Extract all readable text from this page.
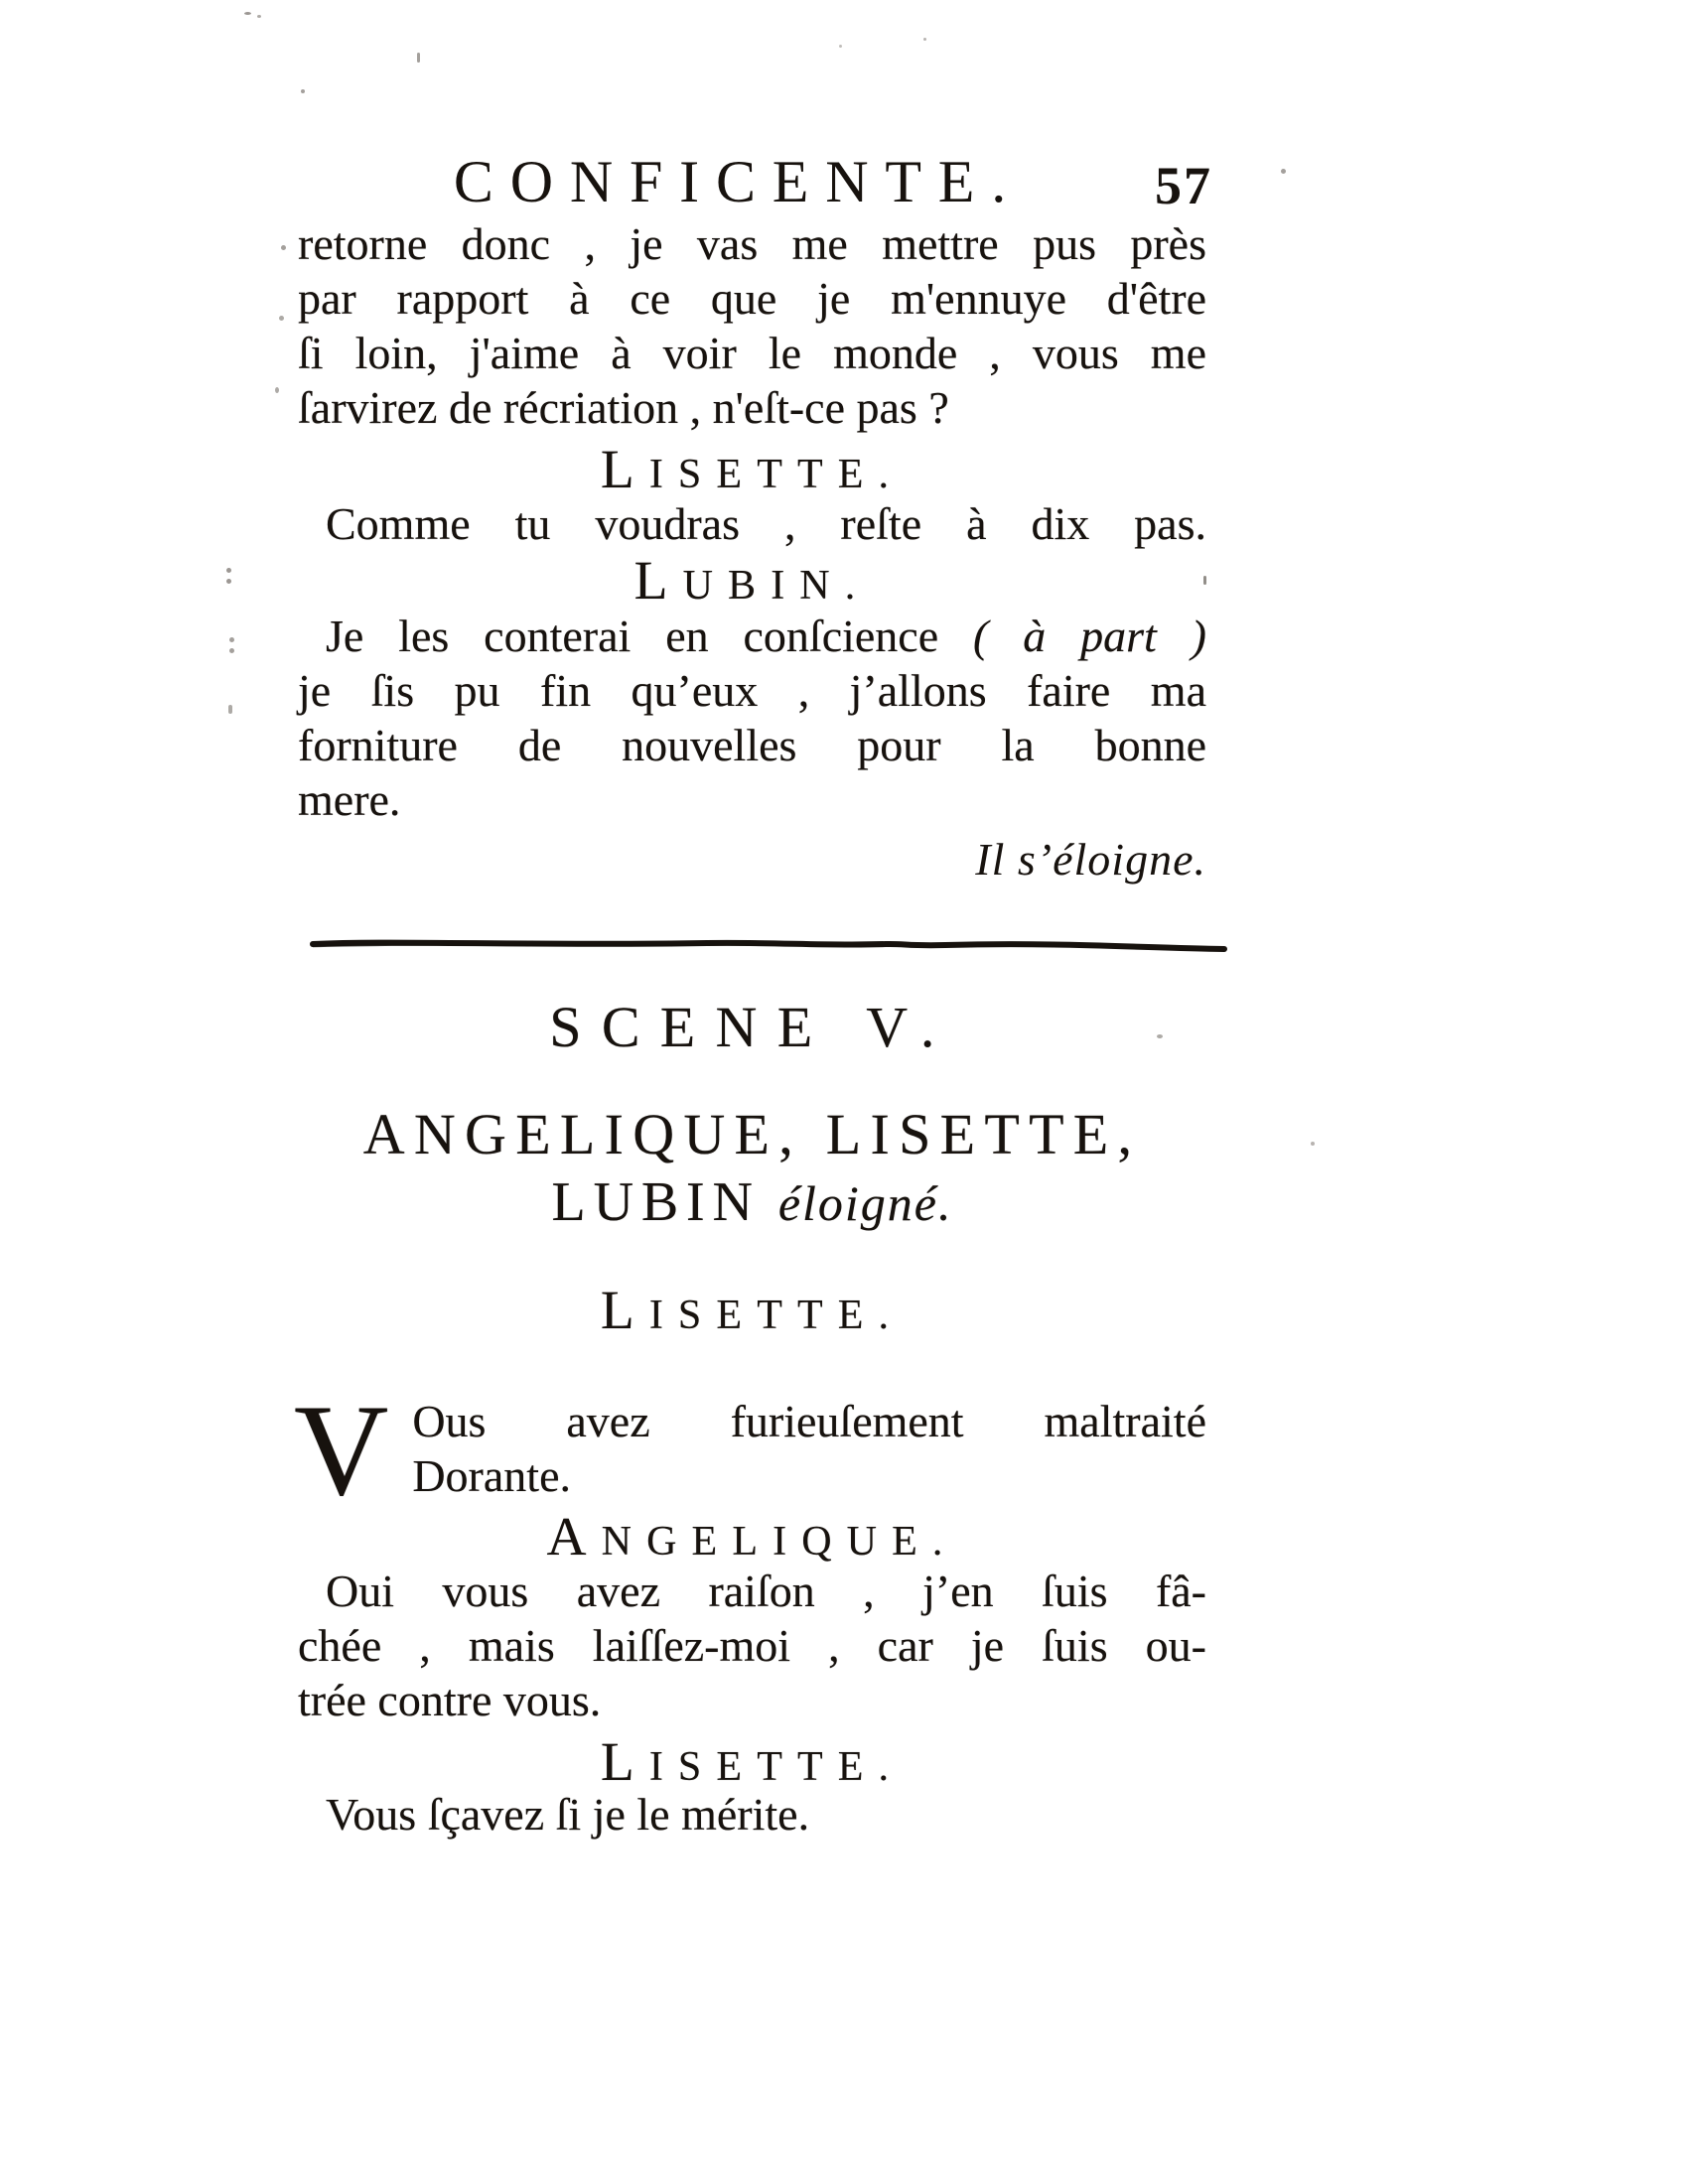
CONFICENTE.	57
retorne donc , je vas me mettre pus près
par rapport à ce que je m'ennuye d'être
ſi loin, j'aime à voir le monde , vous me
ſarvirez de récriation , n'eſt-ce pas ?
LISETTE.
Comme tu voudras , reſte à dix pas.
LUBIN.
Je les conterai en conſcience ( à part )
je ſis pu fin qu’eux , j’allons faire ma
forniture de nouvelles pour la bonne
mere.
Il s’éloigne.
SCENE V.
ANGELIQUE, LISETTE,
LUBIN éloigné.
LISETTE.
V Ous avez furieuſement maltraité
Dorante.
ANGELIQUE.
Oui vous avez raiſon , j’en ſuis fâ-
chée , mais laiſſez-moi , car je ſuis ou-
trée contre vous.
LISETTE.
Vous ſçavez ſi je le mérite.
